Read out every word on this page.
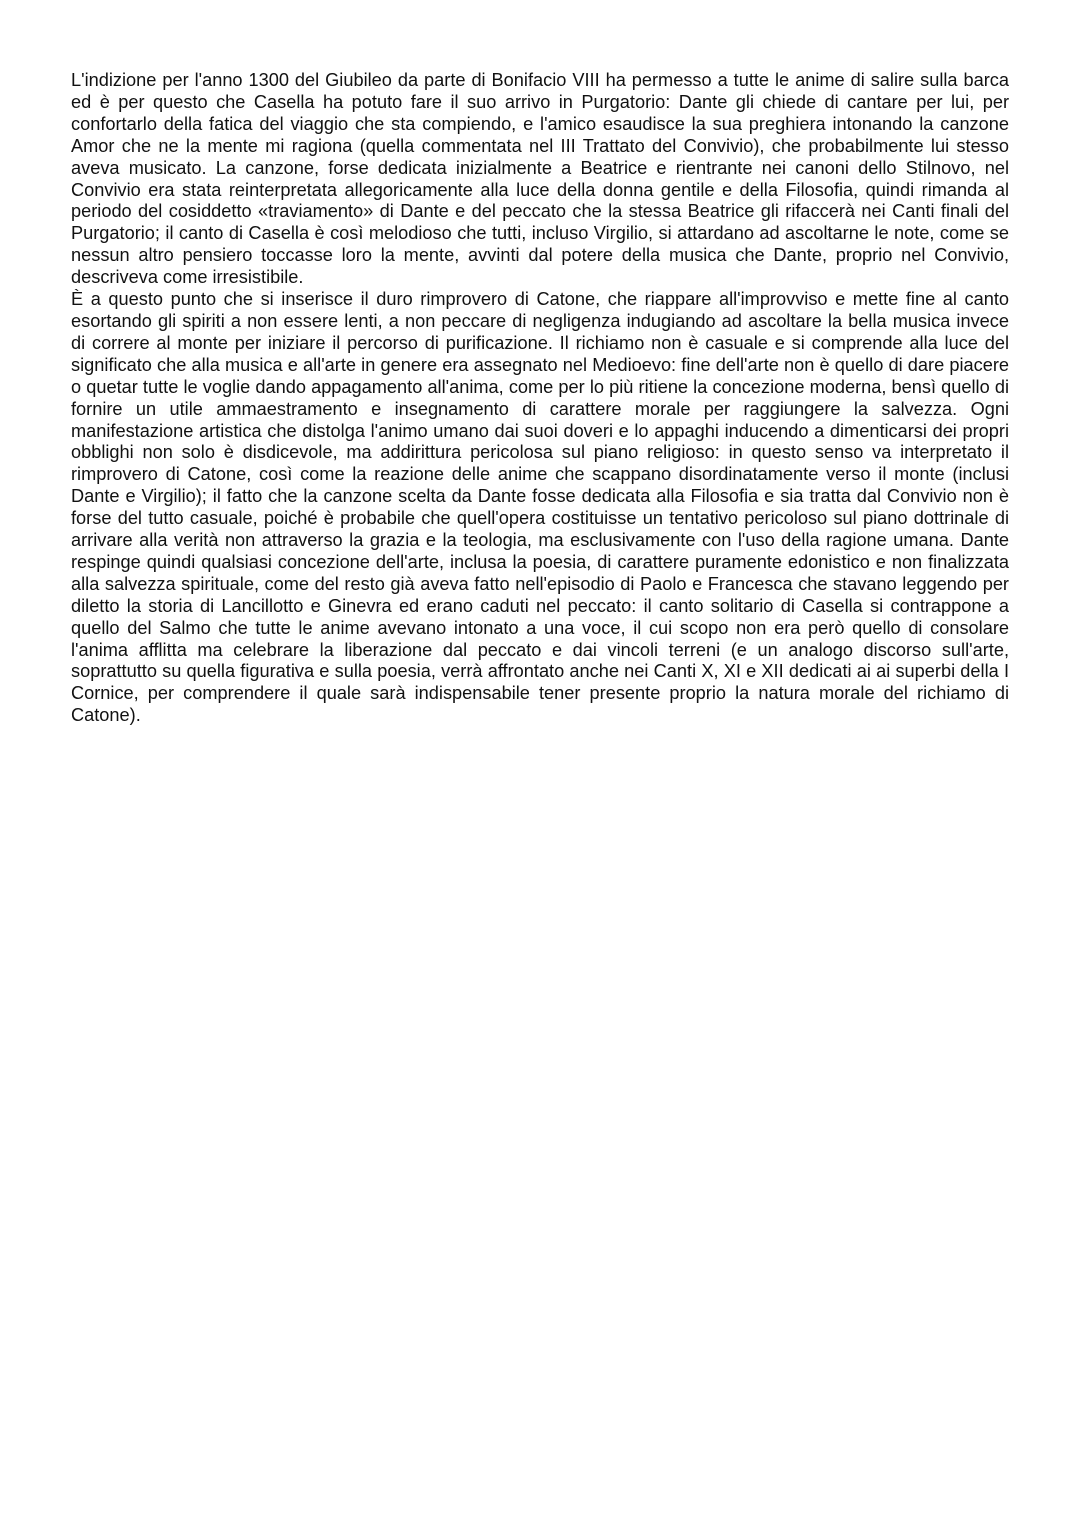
L'indizione per l'anno 1300 del Giubileo da parte di Bonifacio VIII ha permesso a tutte le anime di salire sulla barca ed è per questo che Casella ha potuto fare il suo arrivo in Purgatorio: Dante gli chiede di cantare per lui, per confortarlo della fatica del viaggio che sta compiendo, e l'amico esaudisce la sua preghiera intonando la canzone Amor che ne la mente mi ragiona (quella commentata nel III Trattato del Convivio), che probabilmente lui stesso aveva musicato. La canzone, forse dedicata inizialmente a Beatrice e rientrante nei canoni dello Stilnovo, nel Convivio era stata reinterpretata allegoricamente alla luce della donna gentile e della Filosofia, quindi rimanda al periodo del cosiddetto «traviamento» di Dante e del peccato che la stessa Beatrice gli rifaccerà nei Canti finali del Purgatorio; il canto di Casella è così melodioso che tutti, incluso Virgilio, si attardano ad ascoltarne le note, come se nessun altro pensiero toccasse loro la mente, avvinti dal potere della musica che Dante, proprio nel Convivio, descriveva come irresistibile.

È a questo punto che si inserisce il duro rimprovero di Catone, che riappare all'improvviso e mette fine al canto esortando gli spiriti a non essere lenti, a non peccare di negligenza indugiando ad ascoltare la bella musica invece di correre al monte per iniziare il percorso di purificazione. Il richiamo non è casuale e si comprende alla luce del significato che alla musica e all'arte in genere era assegnato nel Medioevo: fine dell'arte non è quello di dare piacere o quetar tutte le voglie dando appagamento all'anima, come per lo più ritiene la concezione moderna, bensì quello di fornire un utile ammaestramento e insegnamento di carattere morale per raggiungere la salvezza. Ogni manifestazione artistica che distolga l'animo umano dai suoi doveri e lo appaghi inducendo a dimenticarsi dei propri obblighi non solo è disdicevole, ma addirittura pericolosa sul piano religioso: in questo senso va interpretato il rimprovero di Catone, così come la reazione delle anime che scappano disordinatamente verso il monte (inclusi Dante e Virgilio); il fatto che la canzone scelta da Dante fosse dedicata alla Filosofia e sia tratta dal Convivio non è forse del tutto casuale, poiché è probabile che quell'opera costituisse un tentativo pericoloso sul piano dottrinale di arrivare alla verità non attraverso la grazia e la teologia, ma esclusivamente con l'uso della ragione umana. Dante respinge quindi qualsiasi concezione dell'arte, inclusa la poesia, di carattere puramente edonistico e non finalizzata alla salvezza spirituale, come del resto già aveva fatto nell'episodio di Paolo e Francesca che stavano leggendo per diletto la storia di Lancillotto e Ginevra ed erano caduti nel peccato: il canto solitario di Casella si contrappone a quello del Salmo che tutte le anime avevano intonato a una voce, il cui scopo non era però quello di consolare l'anima afflitta ma celebrare la liberazione dal peccato e dai vincoli terreni (e un analogo discorso sull'arte, soprattutto su quella figurativa e sulla poesia, verrà affrontato anche nei Canti X, XI e XII dedicati ai ai superbi della I Cornice, per comprendere il quale sarà indispensabile tener presente proprio la natura morale del richiamo di Catone).
